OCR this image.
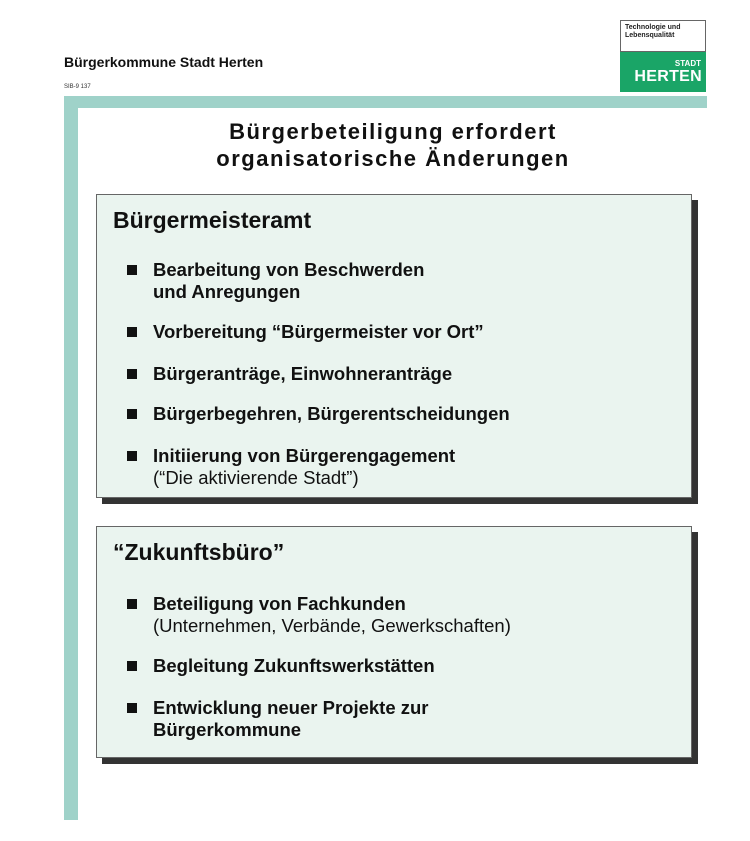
Bürgerkommune Stadt Herten
SIB-9 137
Technologie und Lebensqualität
STADT
HERTEN
Bürgerbeteiligung erfordert
organisatorische Änderungen
Bürgermeisteramt
Bearbeitung von Beschwerden
und Anregungen
Vorbereitung “Bürgermeister vor Ort”
Bürgeranträge, Einwohneranträge
Bürgerbegehren, Bürgerentscheidungen
Initiierung von Bürgerengagement
(“Die aktivierende Stadt”)
“Zukunftsbüro”
Beteiligung von Fachkunden
(Unternehmen, Verbände, Gewerkschaften)
Begleitung Zukunftswerkstätten
Entwicklung neuer Projekte zur
Bürgerkommune
